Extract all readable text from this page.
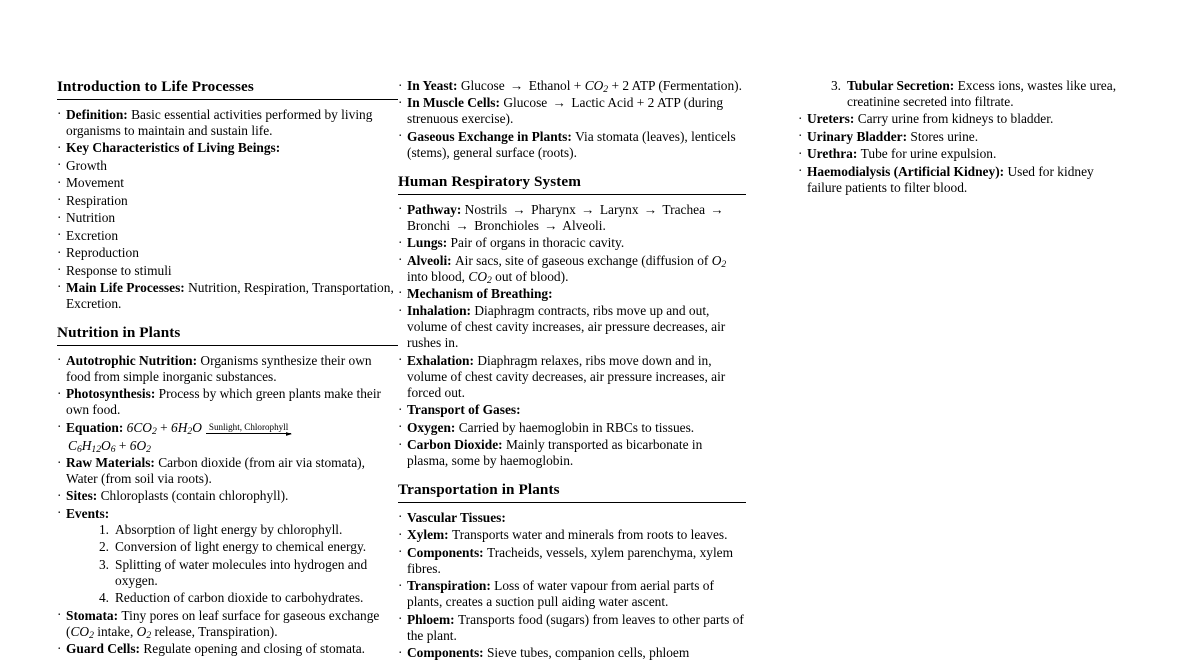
Introduction to Life Processes
· Definition: Basic essential activities performed by living organisms to maintain and sustain life.
· Key Characteristics of Living Beings:
· Growth
· Movement
· Respiration
· Nutrition
· Excretion
· Reproduction
· Response to stimuli
· Main Life Processes: Nutrition, Respiration, Transportation, Excretion.
Nutrition in Plants
· Autotrophic Nutrition: Organisms synthesize their own food from simple inorganic substances.
· Photosynthesis: Process by which green plants make their own food.
· Equation: $6CO_2 + 6H_2O$ Sunlight, Chlorophyll
$C_6H_{12}O_6 + 6O_2$
· Raw Materials: Carbon dioxide (from air via stomata), Water (from soil via roots).
· Sites: Chloroplasts (contain chlorophyll).
· Events:
1. Absorption of light energy by chlorophyll.
2. Conversion of light energy to chemical energy.
3. Splitting of water molecules into hydrogen and oxygen.
4. Reduction of carbon dioxide to carbohydrates.
· Stomata: Tiny pores on leaf surface for gaseous exchange ($CO_2$ intake, $O_2$ release, Transpiration).
· Guard Cells: Regulate opening and closing of stomata.
· In Yeast: Glucose → Ethanol + $CO_2 + 2$ ATP (Fermentation).
· In Muscle Cells: Glucose → Lactic Acid + 2 ATP (during strenuous exercise).
· Gaseous Exchange in Plants: Via stomata (leaves), lenticels (stems), general surface (roots).
Human Respiratory System
· Pathway: Nostrils → Pharynx → Larynx → Trachea → Bronchi → Bronchioles → Alveoli.
· Lungs: Pair of organs in thoracic cavity.
· Alveoli: Air sacs, site of gaseous exchange (diffusion of $O_2$ into blood, $CO_2$ out of blood).
· Mechanism of Breathing:
· Inhalation: Diaphragm contracts, ribs move up and out, volume of chest cavity increases, air pressure decreases, air rushes in.
· Exhalation: Diaphragm relaxes, ribs move down and in, volume of chest cavity decreases, air pressure increases, air forced out.
· Transport of Gases:
· Oxygen: Carried by haemoglobin in RBCs to tissues.
· Carbon Dioxide: Mainly transported as bicarbonate in plasma, some by haemoglobin.
Transportation in Plants
· Vascular Tissues:
· Xylem: Transports water and minerals from roots to leaves.
· Components: Tracheids, vessels, xylem parenchyma, xylem fibres.
· Transpiration: Loss of water vapour from aerial parts of plants, creates a suction pull aiding water ascent.
· Phloem: Transports food (sugars) from leaves to other parts of the plant.
· Components: Sieve tubes, companion cells, phloem
3. Tubular Secretion: Excess ions, wastes like urea, creatinine secreted into filtrate.
· Ureters: Carry urine from kidneys to bladder.
· Urinary Bladder: Stores urine.
· Urethra: Tube for urine expulsion.
· Haemodialysis (Artificial Kidney): Used for kidney failure patients to filter blood.
